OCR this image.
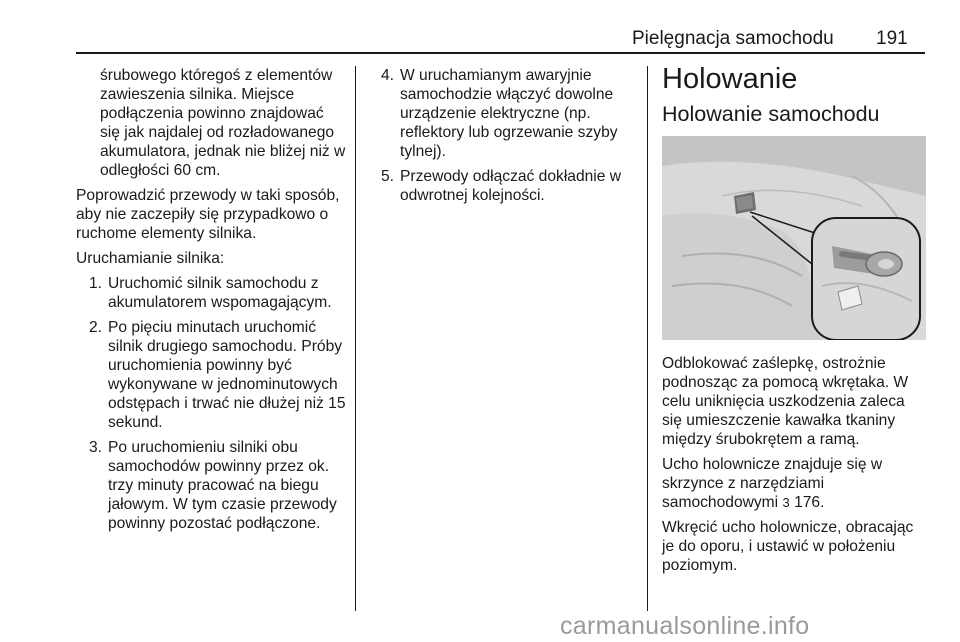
Pielęgnacja samochodu 191
śrubowego któregoś z elementów zawieszenia silnika. Miejsce podłączenia powinno znajdować się jak najdalej od rozładowanego akumulatora, jednak nie bliżej niż w odległości 60 cm.

Poprowadzić przewody w taki sposób, aby nie zaczepiły się przypadkowo o ruchome elementy silnika.

Uruchamianie silnika:

1. Uruchomić silnik samochodu z akumulatorem wspomagającym.
2. Po pięciu minutach uruchomić silnik drugiego samochodu. Próby uruchomienia powinny być wykonywane w jednominutowych odstępach i trwać nie dłużej niż 15 sekund.
3. Po uruchomieniu silniki obu samochodów powinny przez ok. trzy minuty pracować na biegu jałowym. W tym czasie przewody powinny pozostać podłączone.
4. W uruchamianym awaryjnie samochodzie włączyć dowolne urządzenie elektryczne (np. reflektory lub ogrzewanie szyby tylnej).
5. Przewody odłączać dokładnie w odwrotnej kolejności.
Holowanie
Holowanie samochodu

Odblokować zaślepkę, ostrożnie podnosząc za pomocą wkrętaka. W celu uniknięcia uszkodzenia zaleca się umieszczenie kawałka tkaniny między śrubokrętem a ramą.

Ucho holownicze znajduje się w skrzynce z narzędziami samochodowymi 3 176.

Wkręcić ucho holownicze, obracając je do oporu, i ustawić w położeniu poziomym.

carmanualsonline.info
